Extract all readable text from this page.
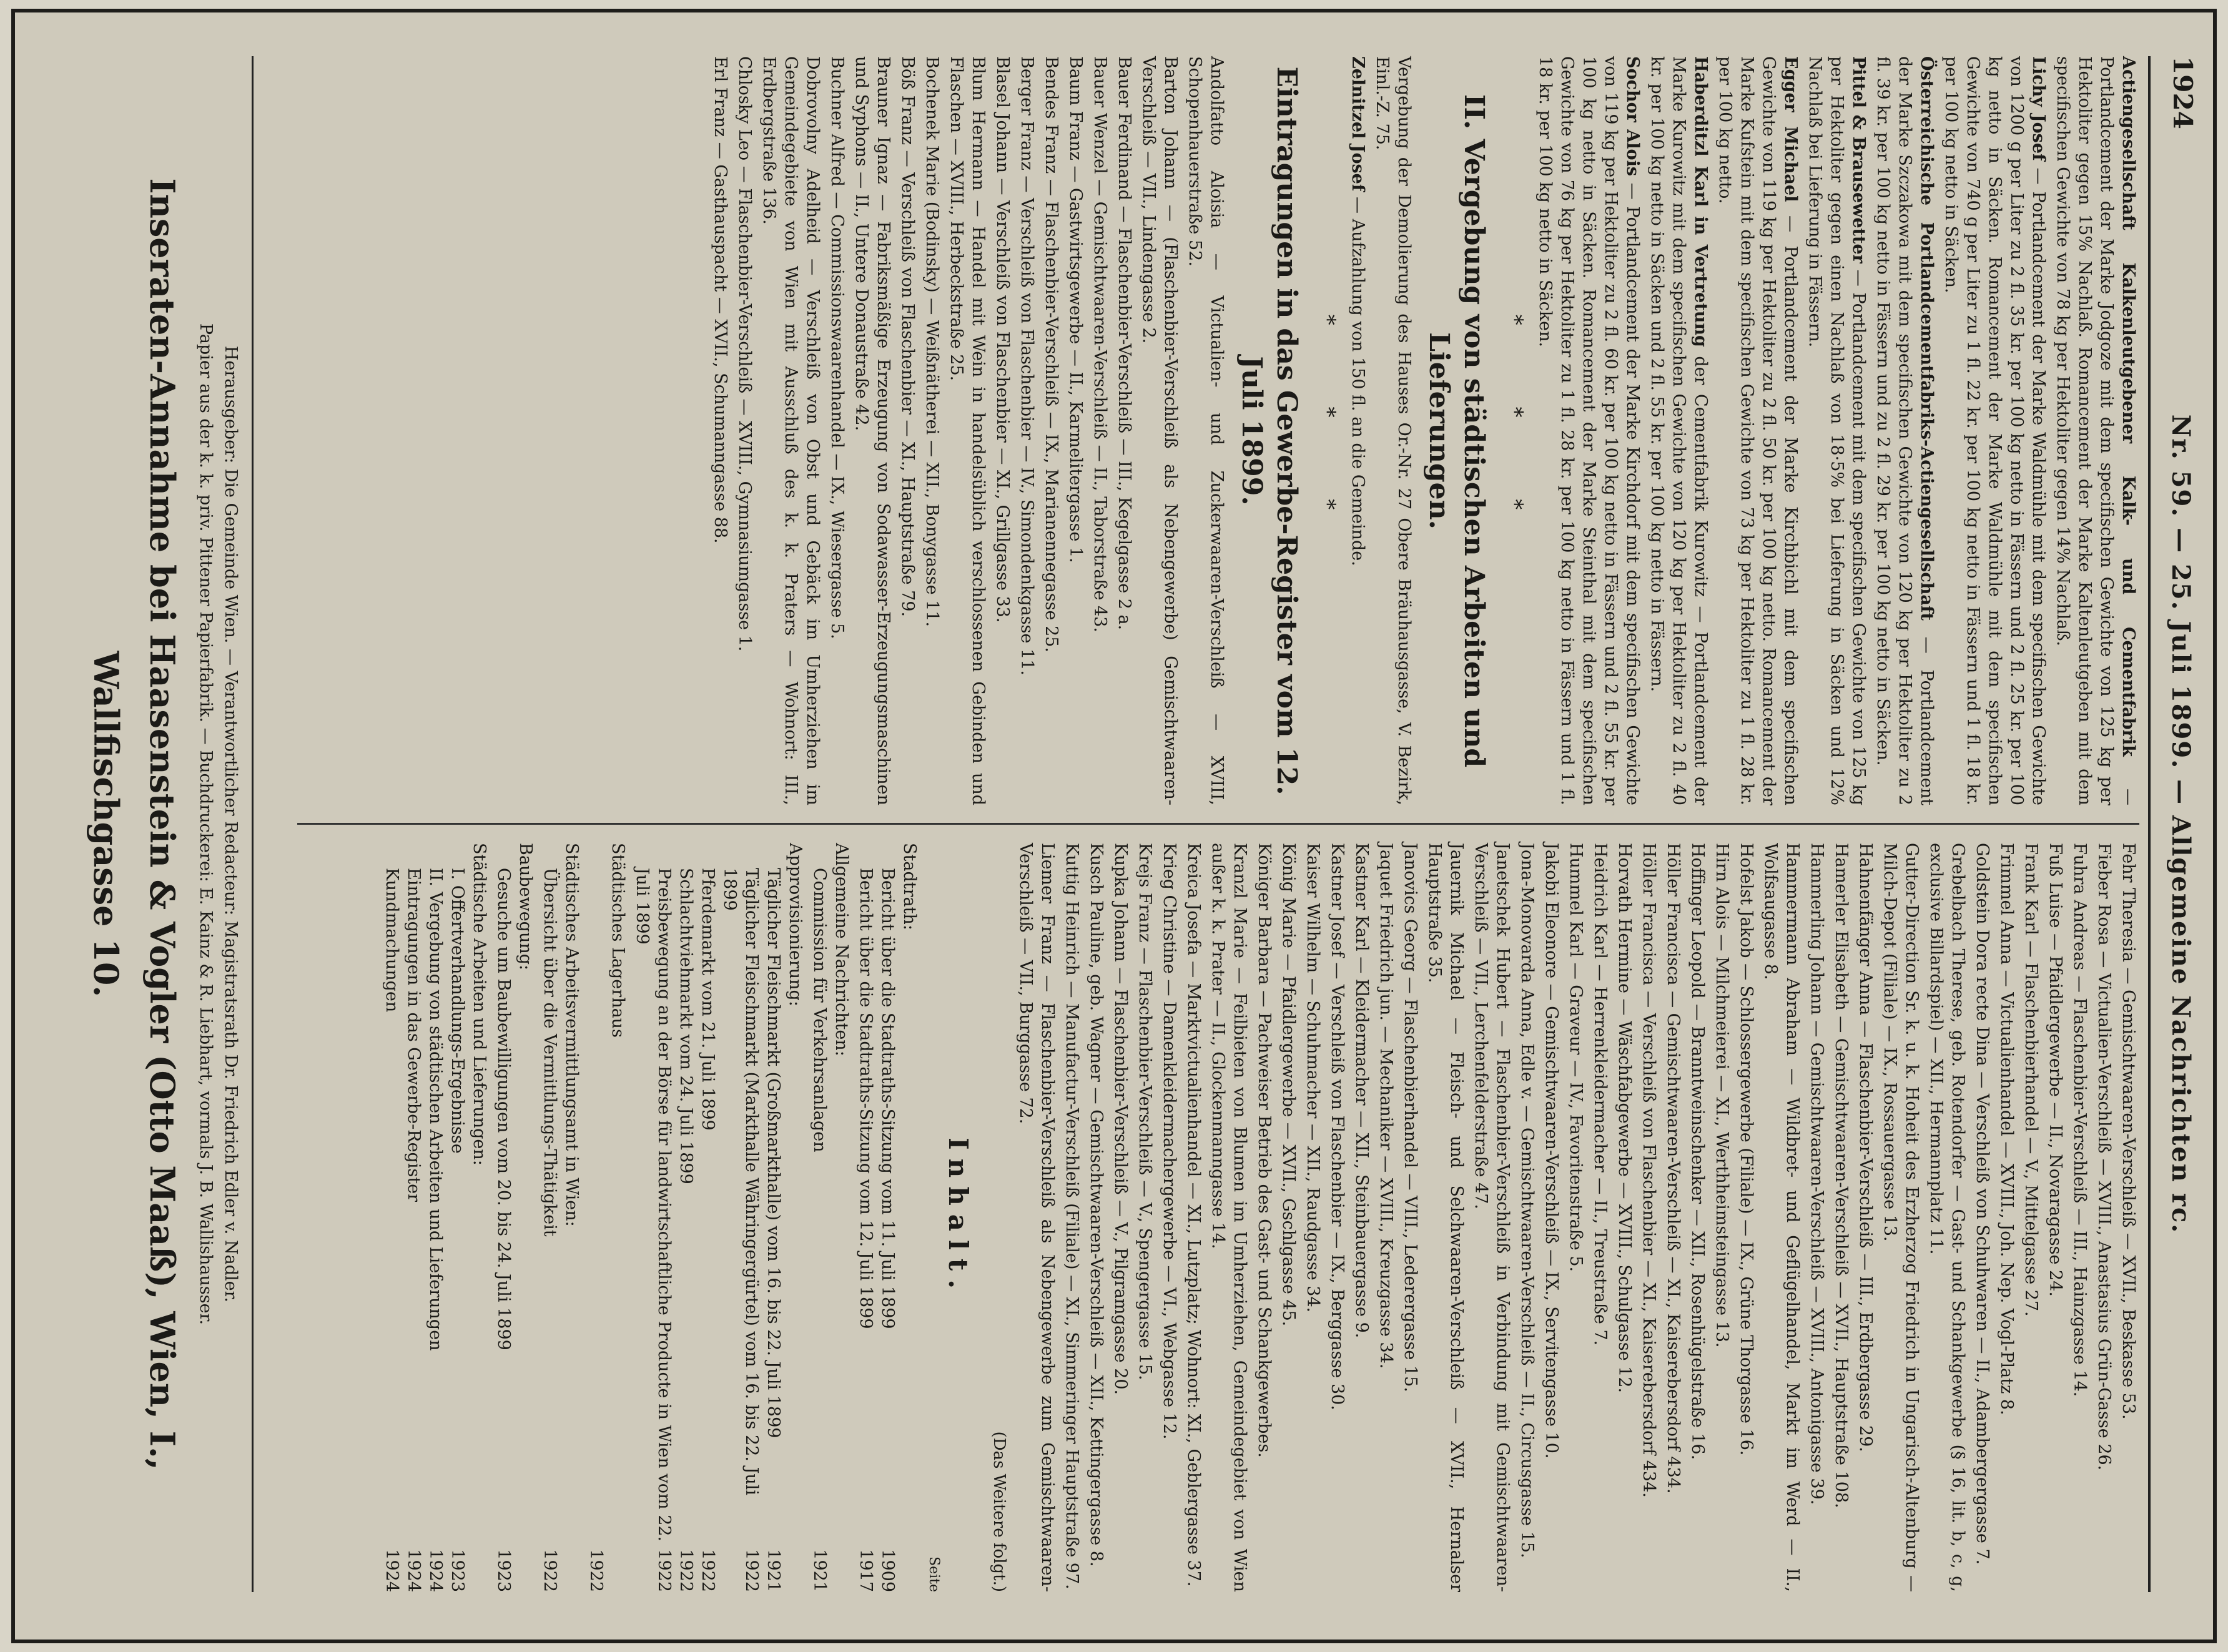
1924
Nr. 59. — 25. Juli 1899. — Allgemeine Nachrichten rc.
Actiengesellschaft Kalkenleutgebener Kalk- und Cementfabrik — Portlandcement der Marke Jodgoze mit dem specifischen Gewichte von 125 kg per Hektoliter gegen 15% Nachlaß. Romancement der Marke Kaltenleutgeben mit dem specifischen Gewichte von 78 kg per Hektoliter gegen 14% Nachlaß.
Lichy Josef — Portlandcement der Marke Waldmühle mit dem specifischen Gewichte von 1200 g per Liter zu 2 fl. 35 kr. per 100 kg netto in Fässern und 2 fl. 25 kr. per 100 kg netto in Säcken. Romancement der Marke Waldmühle mit dem specifischen Gewichte von 740 g per Liter zu 1 fl. 22 kr. per 100 kg netto in Fässern und 1 fl. 18 kr. per 100 kg netto in Säcken.
Österreichische Portlandcementfabriks-Actiengesellschaft — Portlandcement der Marke Szczakowa mit dem specifischen Gewichte von 120 kg per Hektoliter zu 2 fl. 39 kr. per 100 kg netto in Fässern und zu 2 fl. 29 kr. per 100 kg netto in Säcken.
Pittel & Brausewetter — Portlandcement mit dem specifischen Gewichte von 125 kg per Hektoliter gegen einen Nachlaß von 18·5% bei Lieferung in Säcken und 12% Nachlaß bei Lieferung in Fässern.
Egger Michael — Portlandcement der Marke Kirchbichl mit dem specifischen Gewichte von 119 kg per Hektoliter zu 2 fl. 50 kr. per 100 kg netto. Romancement der Marke Kufstein mit dem specifischen Gewichte von 73 kg per Hektoliter zu 1 fl. 28 kr. per 100 kg netto.
Haberditzl Karl in Vertretung der Cementfabrik Kurowitz — Portlandcement der Marke Kurowitz mit dem specifischen Gewichte von 120 kg per Hektoliter zu 2 fl. 40 kr. per 100 kg netto in Säcken und 2 fl. 55 kr. per 100 kg netto in Fässern.
Sochor Alois — Portlandcement der Marke Kirchdorf mit dem specifischen Gewichte von 119 kg per Hektoliter zu 2 fl. 60 kr. per 100 kg netto in Fässern und 2 fl. 55 kr. per 100 kg netto in Säcken. Romancement der Marke Steinthal mit dem specifischen Gewichte von 76 kg per Hektoliter zu 1 fl. 28 kr. per 100 kg netto in Fässern und 1 fl. 18 kr. per 100 kg netto in Säcken.
* * *
II. Vergebung von städtischen Arbeiten und Lieferungen.
Vergebung der Demolierung des Hauses Or.-Nr. 27 Obere Bräuhausgasse, V. Bezirk, Einl.-Z. 75.
Zelnitzel Josef — Aufzahlung von 150 fl. an die Gemeinde.
* * *
Eintragungen in das Gewerbe-Register vom 12. Juli 1899.
Andolfatto Aloisia — Victualien- und Zuckerwaaren-Verschleiß — XVIII, Schopenhauerstraße 52.
Barton Johann — (Flaschenbier-Verschleiß als Nebengewerbe) Gemischtwaaren-Verschleiß — VII., Lindengasse 2.
Bauer Ferdinand — Flaschenbier-Verschleiß — III., Kegelgasse 2 a.
Bauer Wenzel — Gemischtwaaren-Verschleiß — II., Taborstraße 43.
Baum Franz — Gastwirtsgewerbe — II., Karmelitergasse 1.
Bendes Franz — Flaschenbier-Verschleiß — IX., Marianennegasse 25.
Berger Franz — Verschleiß von Flaschenbier — IV., Simondenkgasse 11.
Blasel Johann — Verschleiß von Flaschenbier — XI., Grillgasse 33.
Blum Hermann — Handel mit Wein in handelsüblich verschlossenen Gebinden und Flaschen — XVIII., Herbeckstraße 25.
Bochenek Marie (Bodinsky) — Weißnätherei — XII., Bonygasse 11.
Böß Franz — Verschleiß von Flaschenbier — XI., Hauptstraße 79.
Brauner Ignaz — Fabriksmäßige Erzeugung von Sodawasser-Erzeugungsmaschinen und Syphons — II., Untere Donaustraße 42.
Buchner Alfred — Commissionswaarenhandel — IX., Wiesergasse 5.
Dobrovolny Adelheid — Verschleiß von Obst und Gebäck im Umherziehen im Gemeindegebiete von Wien mit Ausschluß des k. k. Praters — Wohnort: III., Erdbergstraße 136.
Chlosky Leo — Flaschenbier-Verschleiß — XVIII., Gymnasiumgasse 1.
Erl Franz — Gasthauspacht — XVII., Schumanngasse 88.
Fehr Theresia — Gemischtwaaren-Verschleiß — XVII., Beskasse 53.
Fieber Rosa — Victualien-Verschleiß — XVIII., Anastasius Grün-Gasse 26.
Fuhra Andreas — Flaschenbier-Verschleiß — III., Hainzgasse 14.
Fuß Luise — Pfaidlergewerbe — II., Novaragasse 24.
Frank Karl — Flaschenbierhandel — V., Mittelgasse 27.
Frimmel Anna — Victualienhandel — XVIII., Joh. Nep. Vogl-Platz 8.
Goldstein Dora recte Dina — Verschleiß von Schuhwaren — II., Adambergergasse 7.
Grebelbach Therese, geb. Rotendorfer — Gast- und Schankgewerbe (§ 16, lit. b, c, g, exclusive Billardspiel) — XII., Hermannplatz 11.
Gutter-Direction Sr. k. u. k. Hoheit des Erzherzog Friedrich in Ungarisch-Altenburg — Milch-Depot (Filiale) — IX., Rossauergasse 13.
Hahnenfänger Anna — Flaschenbier-Verschleiß — III., Erdbergasse 29.
Hamerler Elisabeth — Gemischtwaaren-Verschleiß — XVII., Hauptstraße 108.
Hammerling Johann — Gemischtwaaren-Verschleiß — XVIII., Antonigasse 39.
Hammermann Abraham — Wildbret- und Geflügelhandel, Markt im Werd — II., Wolfsaugasse 8.
Hofelst Jakob — Schlossergewerbe (Filiale) — IX., Grüne Thorgasse 16.
Hirn Alois — Milchmeierei — XI., Werthheimsteingasse 13.
Hoffinger Leopold — Branntweinschenker — XII., Rosenhügelstraße 16.
Höller Francisca — Gemischtwaaren-Verschleiß — XI., Kaiserebersdorf 434.
Höller Francisca — Verschleiß von Flaschenbier — XI., Kaiserebersdorf 434.
Horvath Hermine — Wäschfabgewerbe — XVIII., Schulgasse 12.
Heidrich Karl — Herrenkleidermacher — II., Treustraße 7.
Hummel Karl — Graveur — IV., Favoritenstraße 5.
Jakobi Eleonore — Gemischtwaaren-Verschleiß — IX., Servitengasse 10.
Jona-Monovarda Anna, Edle v. — Gemischtwaaren-Verschleiß — II., Circusgasse 15.
Janetschek Hubert — Flaschenbier-Verschleiß in Verbindung mit Gemischtwaaren-Verschleiß — VII., Lerchenfelderstraße 47.
Jauernik Michael — Fleisch- und Selchwaaren-Verschleiß — XVII., Hernalser Hauptstraße 35.
Janovics Georg — Flaschenbierhandel — VIII., Lederergasse 15.
Jaquet Friedrich jun. — Mechaniker — XVIII., Kreuzgasse 34.
Kastner Karl — Kleidermacher — XII., Steinbauergasse 9.
Kastner Josef — Verschleiß von Flaschenbier — IX., Berggasse 30.
Kaiser Wilhelm — Schuhmacher — XII., Raudgasse 34.
König Marie — Pfaidlergewerbe — XVII., Gschlgasse 45.
Königer Barbara — Pachweiser Betrieb des Gast- und Schankgewerbes.
Kranzl Marie — Feilbieten von Blumen im Umherziehen, Gemeindegebiet von Wien außer k. k. Prater — II., Glockenmanngasse 14.
Kreica Josefa — Marktvictualienhandel — XI., Lutzplatz; Wohnort: XI., Geblergasse 37.
Krieg Christine — Damenkleidermachergewerbe — VI., Webgasse 12.
Krejs Franz — Flaschenbier-Verschleiß — V., Spengergasse 15.
Kupka Johann — Flaschenbier-Verschleiß — V., Pilgramgasse 20.
Kusch Pauline, geb. Wagner — Gemischtwaaren-Verschleiß — XII., Kettingergasse 8.
Kuttig Heinrich — Manufactur-Verschleiß (Filiale) — XI., Simmeringer Hauptstraße 97.
Liemer Franz — Flaschenbier-Verschleiß als Nebengewerbe zum Gemischtwaaren-Verschleiß — VII., Burggasse 72.
(Das Weitere folgt.)
Inhalt.
Seite
Stadtrath:
Bericht über die Stadtraths-Sitzung vom 11. Juli 1899
1909
Bericht über die Stadtraths-Sitzung vom 12. Juli 1899
1917
Allgemeine Nachrichten:
Commission für Verkehrsanlagen
1921
Approvisionierung:
Täglicher Fleischmarkt (Großmarkthalle) vom 16. bis 22. Juli 1899
1921
Täglicher Fleischmarkt (Markthalle Währingergürtel) vom 16. bis 22. Juli 1899
1922
Pferdemarkt vom 21. Juli 1899
1922
Schlachtviehmarkt vom 24. Juli 1899
1922
Preisbewegung an der Börse für landwirtschaftliche Producte in Wien vom 22. Juli 1899
1922
Städtisches Lagerhaus
1922
Städtisches Arbeitsvermittlungsamt in Wien:
Übersicht über die Vermittlungs-Thätigkeit
1922
Baubewegung:
Gesuche um Baubewilligungen vom 20. bis 24. Juli 1899
1923
Städtische Arbeiten und Lieferungen:
I. Offertverhandlungs-Ergebnisse
1923
II. Vergebung von städtischen Arbeiten und Lieferungen
1924
Eintragungen in das Gewerbe-Register
1924
Kundmachungen
1924
Herausgeber: Die Gemeinde Wien. — Verantwortlicher Redacteur: Magistratsrath Dr. Friedrich Edler v. Nadler.
Papier aus der k. k. priv. Pittener Papierfabrik. — Buchdruckerei: E. Kainz & R. Liebhart, vormals J. B. Wallishausser.
Inseraten-Annahme bei Haasenstein & Vogler (Otto Maaß), Wien, I., Wallfischgasse 10.
